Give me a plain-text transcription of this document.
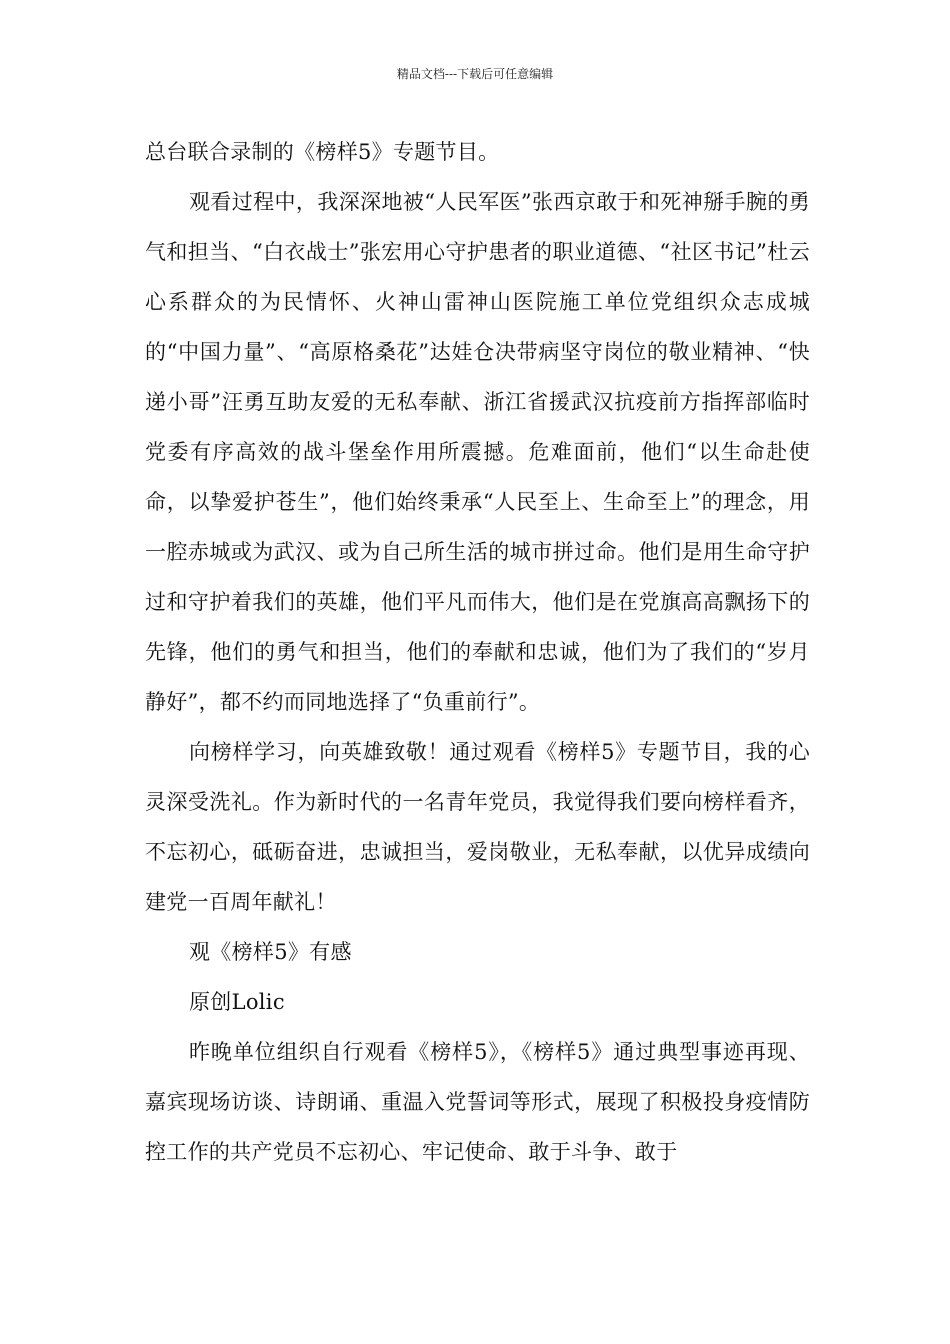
精品文档---下载后可任意编辑

总台联合录制的《榜样5》专题节目。

观看过程中，我深深地被“人民军医”张西京敢于和死神掰手腕的勇气和担当、“白衣战士”张宏用心守护患者的职业道德、“社区书记”杜云心系群众的为民情怀、火神山雷神山医院施工单位党组织众志成城的“中国力量”、“高原格桑花”达娃仓决带病坚守岗位的敬业精神、“快递小哥”汪勇互助友爱的无私奉献、浙江省援武汉抗疫前方指挥部临时党委有序高效的战斗堡垒作用所震撼。危难面前，他们“以生命赴使命，以挚爱护苍生”，他们始终秉承“人民至上、生命至上”的理念，用一腔赤城或为武汉、或为自己所生活的城市拼过命。他们是用生命守护过和守护着我们的英雄，他们平凡而伟大，他们是在党旗高高飘扬下的先锋，他们的勇气和担当，他们的奉献和忠诚，他们为了我们的“岁月静好”，都不约而同地选择了“负重前行”。

向榜样学习，向英雄致敬！通过观看《榜样5》专题节目，我的心灵深受洗礼。作为新时代的一名青年党员，我觉得我们要向榜样看齐，不忘初心，砥砺奋进，忠诚担当，爱岗敬业，无私奉献，以优异成绩向建党一百周年献礼！

观《榜样5》有感

原创Lolic

昨晚单位组织自行观看《榜样5》，《榜样5》通过典型事迹再现、嘉宾现场访谈、诗朗诵、重温入党誓词等形式，展现了积极投身疫情防控工作的共产党员不忘初心、牢记使命、敢于斗争、敢于
